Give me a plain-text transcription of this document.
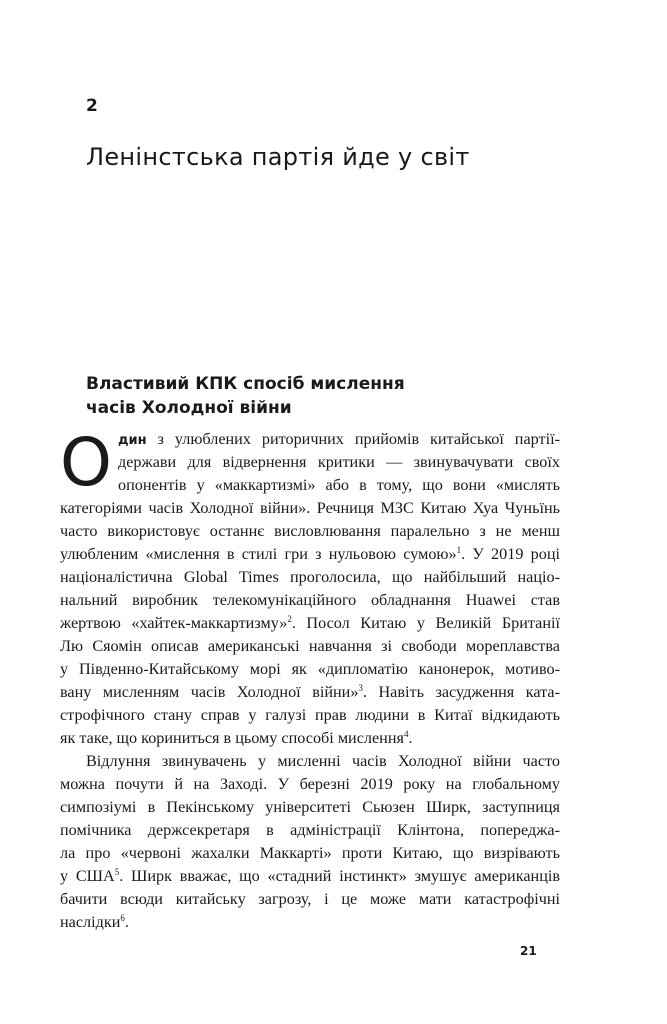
2
Ленінстська партія йде у світ
Властивий КПК спосіб мислення
часів Холодної війни
О дин з улюблених риторичних прийомів китайської партії-
держави для відвернення критики — звинувачувати своїх
опонентів у «маккартизмі» або в тому, що вони «мислять
категоріями часів Холодної війни». Речниця МЗС Китаю Хуа Чуньїнь
часто використовує останнє висловлювання паралельно з не менш
улюбленим «мислення в стилі гри з нульовою сумою»$^1$. У 2019 році
націоналістична Global Times проголосила, що найбільший націо-
нальний виробник телекомунікаційного обладнання Huawei став
жертвою «хайтек-маккартизму»$^2$. Посол Китаю у Великій Британії
Лю Сяомін описав американські навчання зі свободи мореплавства
у Південно-Китайському морі як «дипломатію канонерок, мотиво-
вану мисленням часів Холодної війни»$^3$. Навіть засудження ката-
строфічного стану справ у галузі прав людини в Китаї відкидають
як таке, що кориниться в цьому способі мислення$^4$.
Відлуння звинувачень у мисленні часів Холодної війни часто
можна почути й на Заході. У березні 2019 року на глобальному
симпозіумі в Пекінському університеті Сьюзен Ширк, заступниця
помічника держсекретаря в адміністрації Клінтона, попереджа-
ла про «червоні жахалки Маккарті» проти Китаю, що визрівають
у США$^5$. Ширк вважає, що «стадний інстинкт» змушує американців
бачити всюди китайську загрозу, і це може мати катастрофічні
наслідки$^6$.
21
